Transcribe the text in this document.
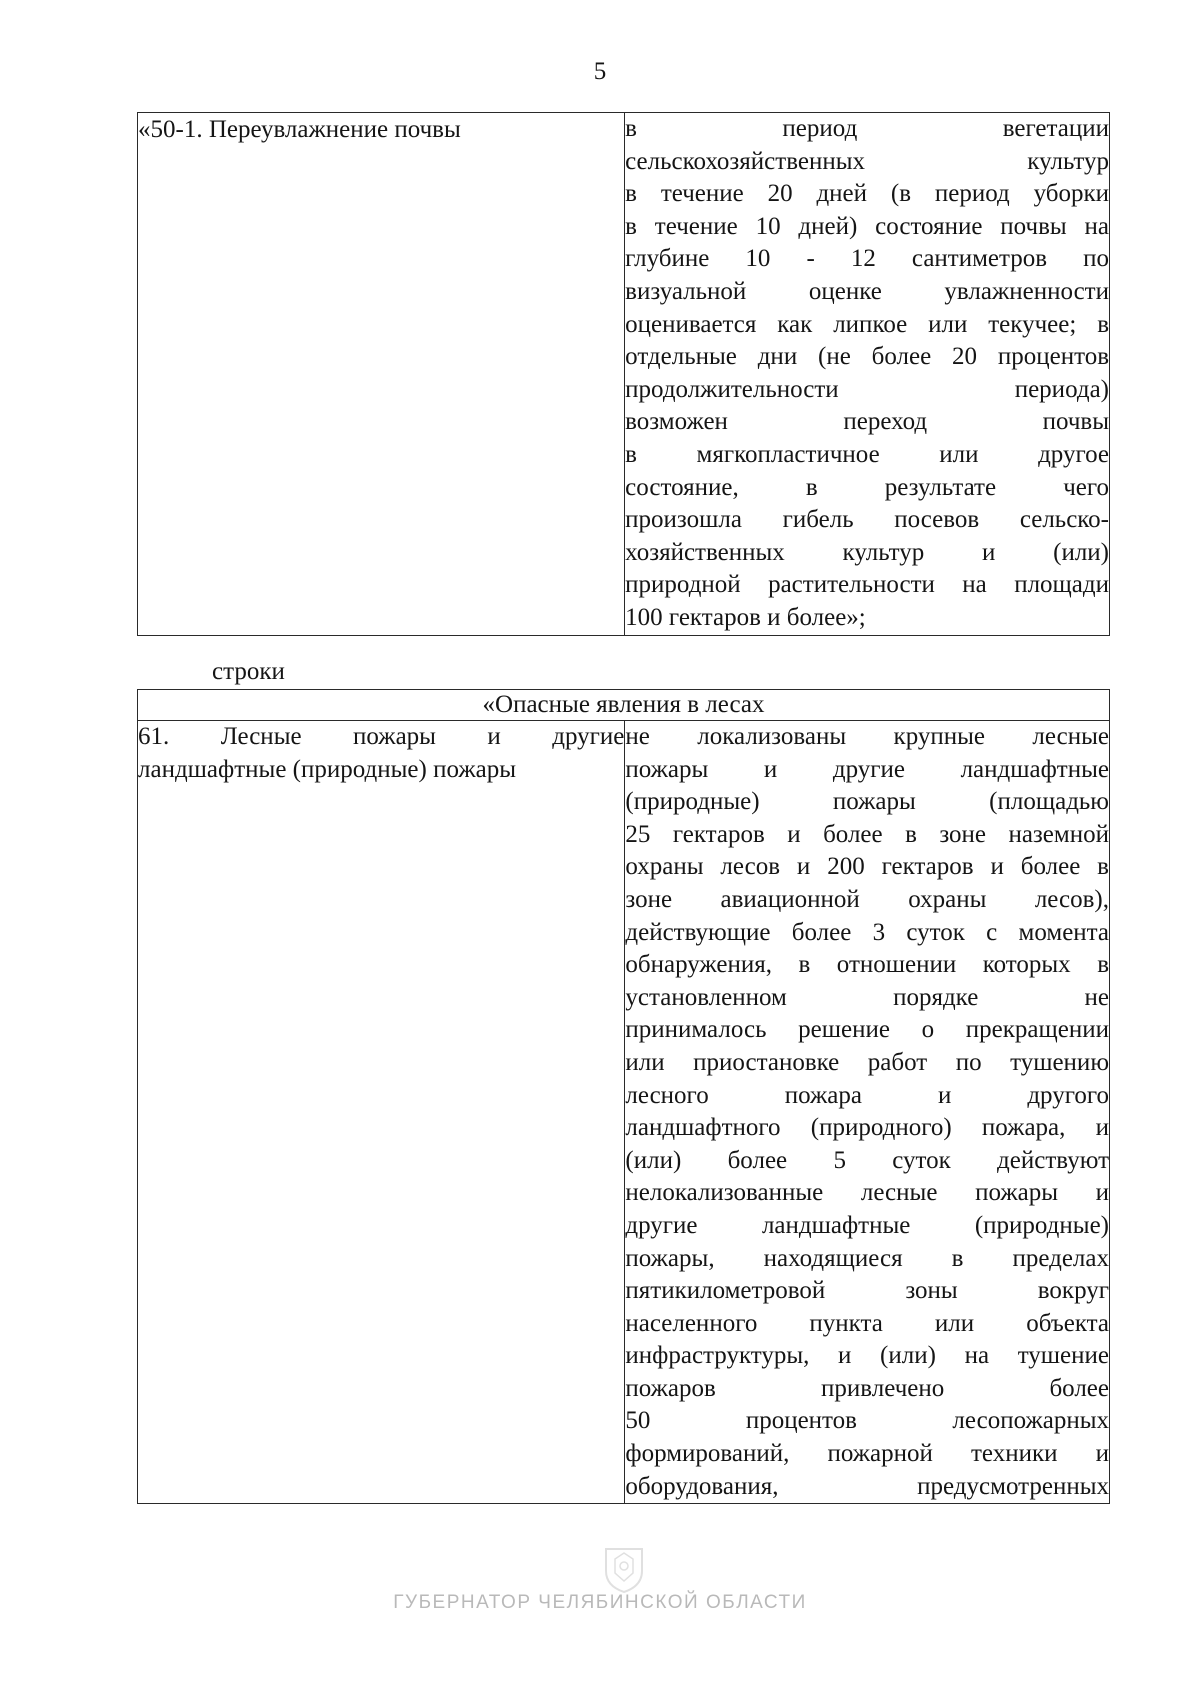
5
«50-1. Переувлажнение почвы	в период вегетации
сельскохозяйственных культур
в течение 20 дней (в период уборки
в течение 10 дней) состояние почвы на
глубине 10 - 12 сантиметров по
визуальной оценке увлажненности
оценивается как липкое или текучее; в
отдельные дни (не более 20 процентов
продолжительности периода)
возможен переход почвы
в мягкопластичное или другое
состояние, в результате чего
произошла гибель посевов сельско-
хозяйственных культур и (или)
природной растительности на площади
100 гектаров и более»;
строки
«Опасные явления в лесах

61. Лесные пожары и другие
ландшафтные (природные) пожары

не локализованы крупные лесные
пожары и другие ландшафтные
(природные) пожары (площадью
25 гектаров и более в зоне наземной
охраны лесов и 200 гектаров и более в
зоне авиационной охраны лесов),
действующие более 3 суток с момента
обнаружения, в отношении которых в
установленном порядке не
принималось решение о прекращении
или приостановке работ по тушению
лесного пожара и другого
ландшафтного (природного) пожара, и
(или) более 5 суток действуют
нелокализованные лесные пожары и
другие ландшафтные (природные)
пожары, находящиеся в пределах
пятикилометровой зоны вокруг
населенного пункта или объекта
инфраструктуры, и (или) на тушение
пожаров привлечено более
50 процентов лесопожарных
формирований, пожарной техники и
оборудования, предусмотренных
ГУБЕРНАТОР ЧЕЛЯБИНСКОЙ ОБЛАСТИ
